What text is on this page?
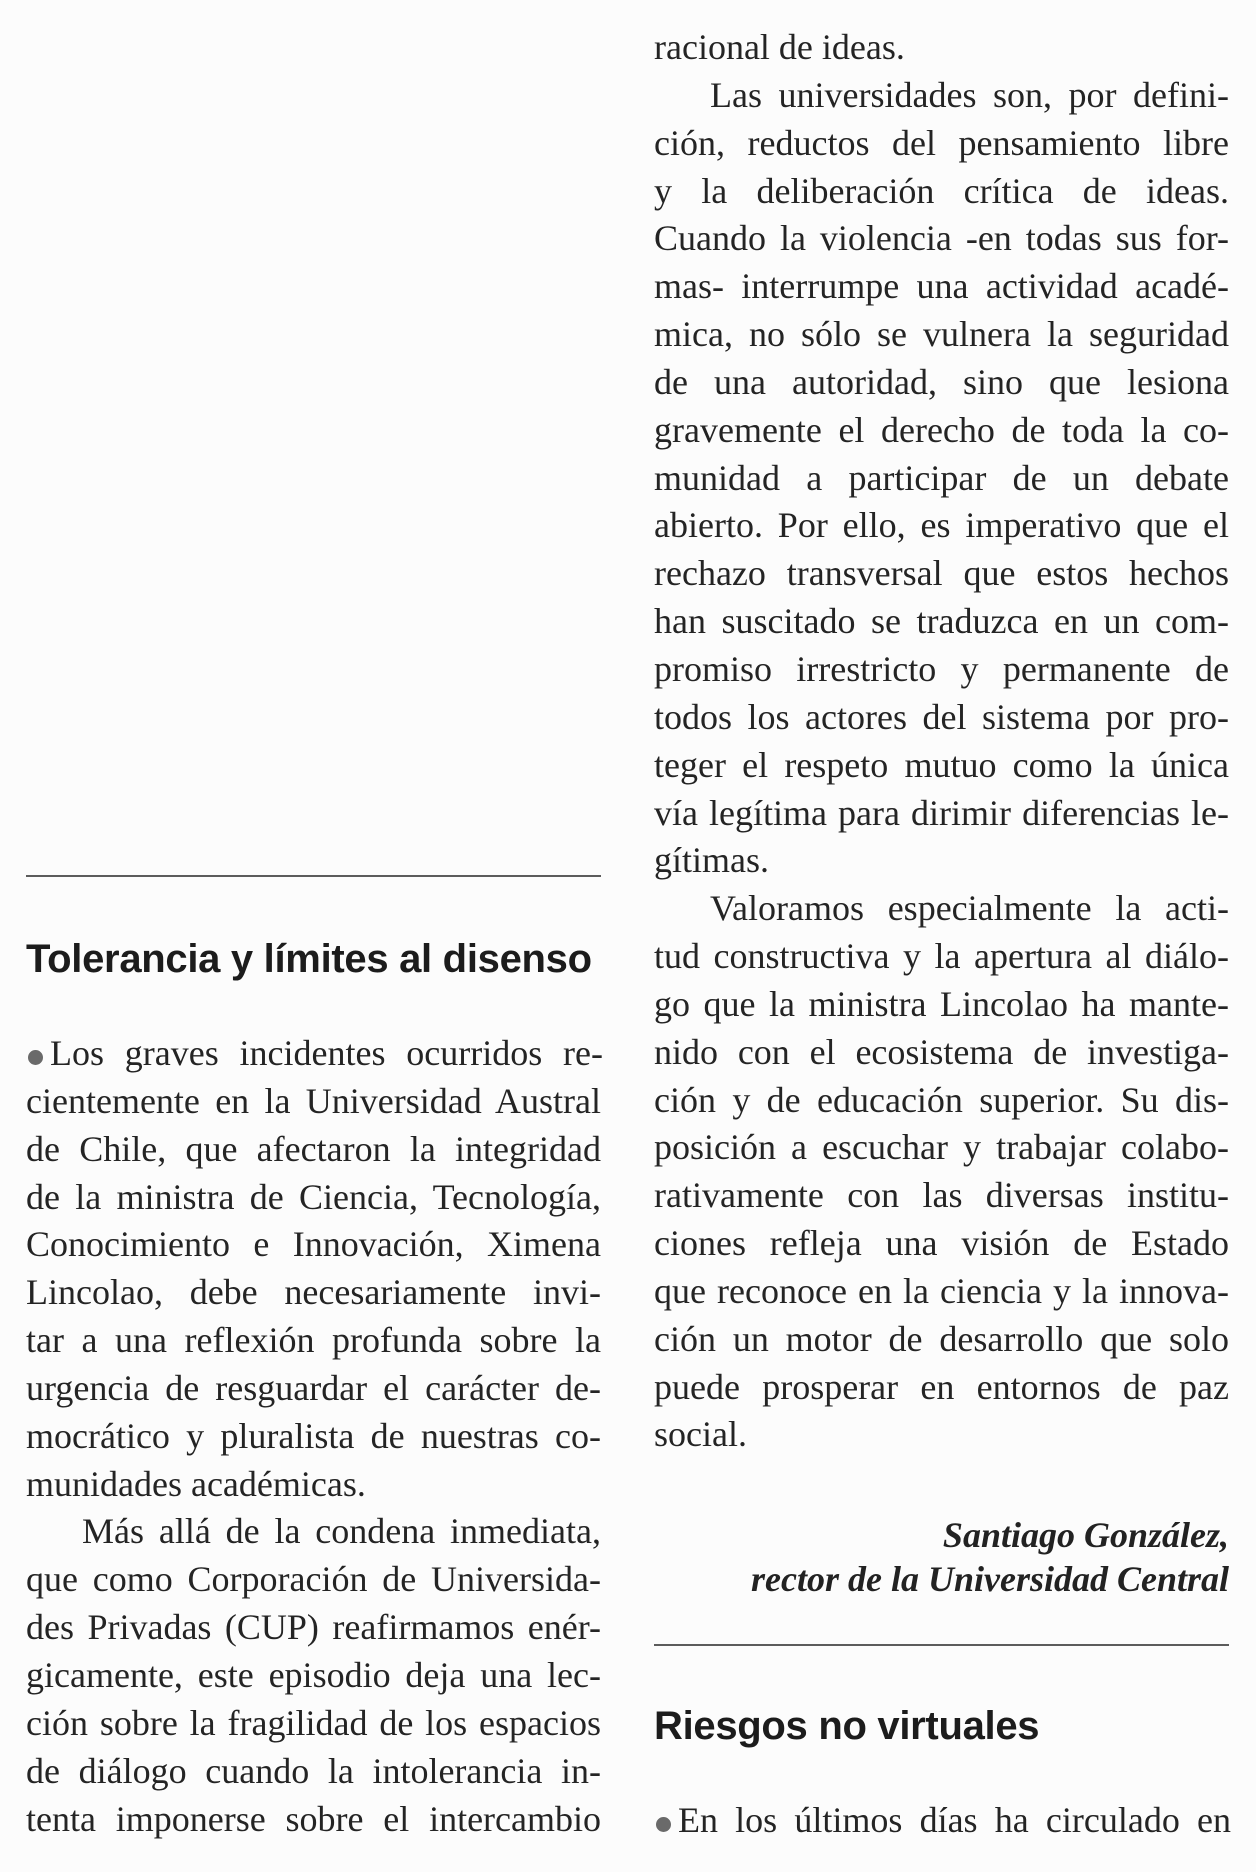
Tolerancia y límites al disenso
Los graves incidentes ocurridos re-
cientemente en la Universidad Austral
de Chile, que afectaron la integridad
de la ministra de Ciencia, Tecnología,
Conocimiento e Innovación, Ximena
Lincolao, debe necesariamente invi-
tar a una reflexión profunda sobre la
urgencia de resguardar el carácter de-
mocrático y pluralista de nuestras co-
munidades académicas.
Más allá de la condena inmediata,
que como Corporación de Universida-
des Privadas (CUP) reafirmamos enér-
gicamente, este episodio deja una lec-
ción sobre la fragilidad de los espacios
de diálogo cuando la intolerancia in-
tenta imponerse sobre el intercambio
racional de ideas.
Las universidades son, por defini-
ción, reductos del pensamiento libre
y la deliberación crítica de ideas.
Cuando la violencia -en todas sus for-
mas- interrumpe una actividad acadé-
mica, no sólo se vulnera la seguridad
de una autoridad, sino que lesiona
gravemente el derecho de toda la co-
munidad a participar de un debate
abierto. Por ello, es imperativo que el
rechazo transversal que estos hechos
han suscitado se traduzca en un com-
promiso irrestricto y permanente de
todos los actores del sistema por pro-
teger el respeto mutuo como la única
vía legítima para dirimir diferencias le-
gítimas.
Valoramos especialmente la acti-
tud constructiva y la apertura al diálo-
go que la ministra Lincolao ha mante-
nido con el ecosistema de investiga-
ción y de educación superior. Su dis-
posición a escuchar y trabajar colabo-
rativamente con las diversas institu-
ciones refleja una visión de Estado
que reconoce en la ciencia y la innova-
ción un motor de desarrollo que solo
puede prosperar en entornos de paz
social.
Santiago González,
rector de la Universidad Central
Riesgos no virtuales
En los últimos días ha circulado en
